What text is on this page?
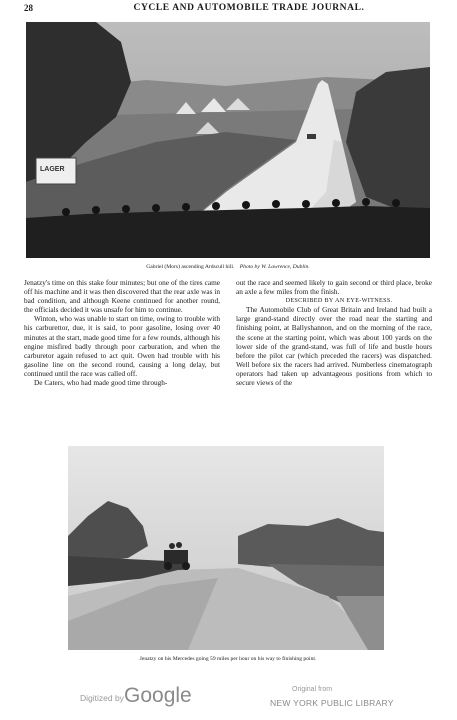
28	CYCLE AND AUTOMOBILE TRADE JOURNAL.
LAGER
Gabriel (Mors) ascending Ardscull hill. Photo by W. Lawrence, Dublin.

Jenatzy's time on this stake four minutes; but one of the tires came off his machine and it was then discovered that the rear axle was in bad condition, and although Keene continued for another round, the officials decided it was unsafe for him to continue.

Winton, who was unable to start on time, owing to trouble with his carburettor, due, it is said, to poor gasoline, losing over 40 minutes at the start, made good time for a few rounds, although his engine misfired badly through poor carburation, and when the carburetor again refused to act quit. Owen had trouble with his gasoline line on the second round, causing a long delay, but continued until the race was called off.

De Caters, who had made good time through-

out the race and seemed likely to gain second or third place, broke an axle a few miles from the finish.

DESCRIBED BY AN EYE-WITNESS.

The Automobile Club of Great Britain and Ireland had built a large grand-stand directly over the road near the starting and finishing point, at Ballyshannon, and on the morning of the race, the scene at the starting point, which was about 100 yards on the lower side of the grand-stand, was full of life and bustle hours before the pilot car (which preceded the racers) was dispatched. Well before six the racers had arrived. Numberless cinematograph operators had taken up advantageous positions from which to secure views of the

Jenatzy on his Mercedes going 59 miles per hour on his way to finishing point.
Digitized by Google	Original from
NEW YORK PUBLIC LIBRARY
